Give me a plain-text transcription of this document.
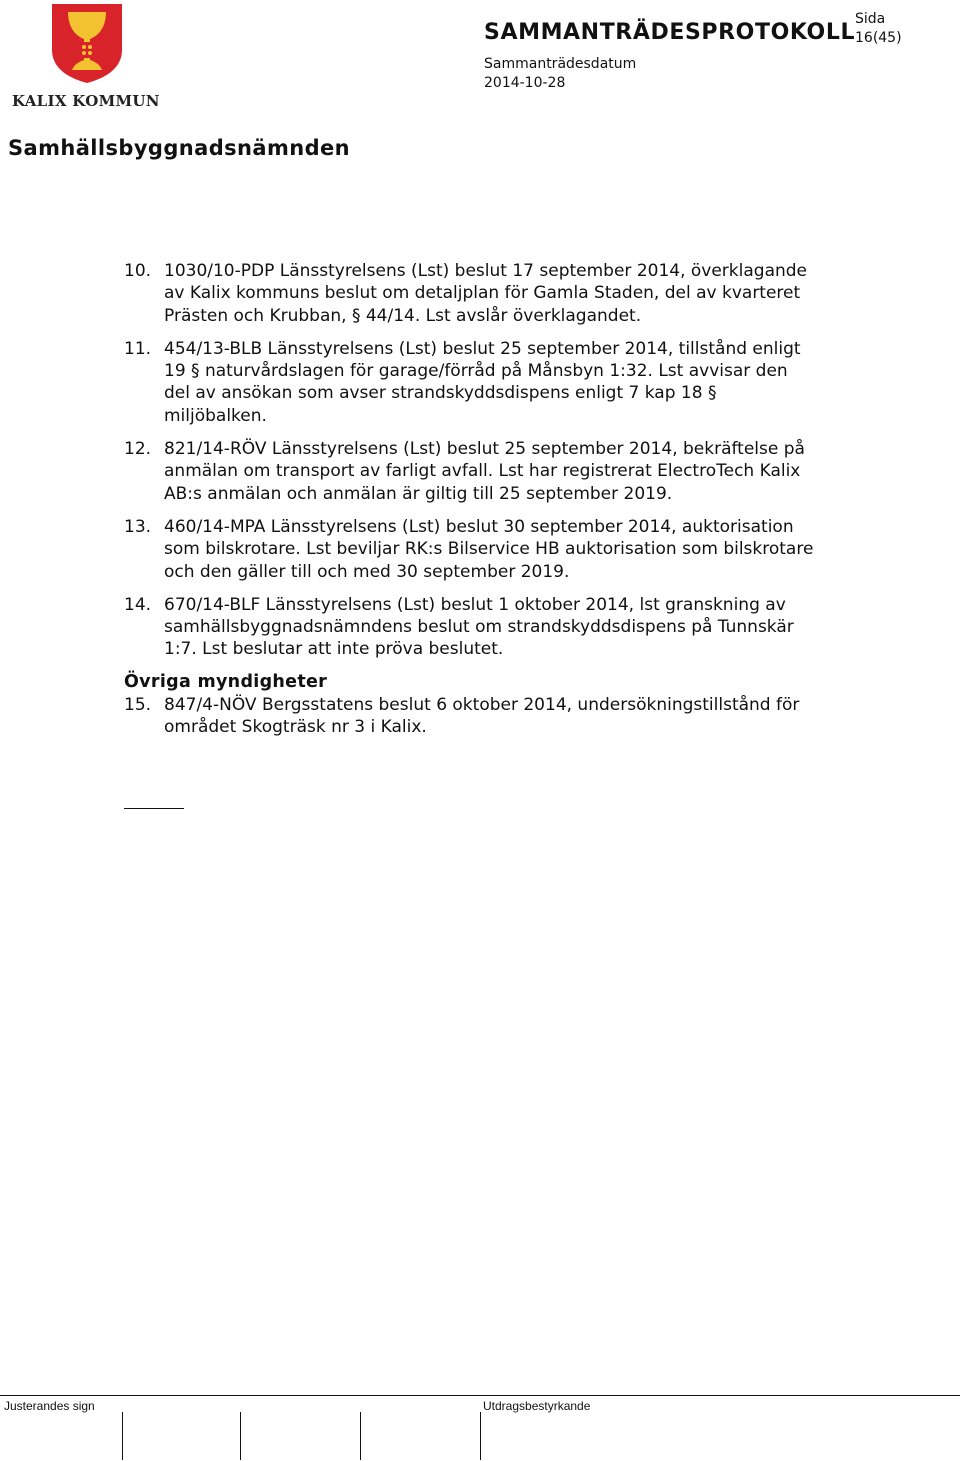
KALIX KOMMUN
SAMMANTRÄDESPROTOKOLL
Sida
16(45)
Sammanträdesdatum
2014-10-28
Samhällsbyggnadsnämnden
10. 1030/10-PDP Länsstyrelsens (Lst) beslut 17 september 2014, överklagande av Kalix kommuns beslut om detaljplan för Gamla Staden, del av kvarteret Prästen och Krubban, § 44/14. Lst avslår överklagandet.
11. 454/13-BLB Länsstyrelsens (Lst) beslut 25 september 2014, tillstånd enligt 19 § naturvårdslagen för garage/förråd på Månsbyn 1:32. Lst avvisar den del av ansökan som avser strandskyddsdispens enligt 7 kap 18 § miljöbalken.
12. 821/14-RÖV Länsstyrelsens (Lst) beslut 25 september 2014, bekräftelse på anmälan om transport av farligt avfall. Lst har registrerat ElectroTech Kalix AB:s anmälan och anmälan är giltig till 25 september 2019.
13. 460/14-MPA Länsstyrelsens (Lst) beslut 30 september 2014, auktorisation som bilskrotare. Lst beviljar RK:s Bilservice HB auktorisation som bilskrotare och den gäller till och med 30 september 2019.
14. 670/14-BLF Länsstyrelsens (Lst) beslut 1 oktober 2014, lst granskning av samhällsbyggnadsnämndens beslut om strandskyddsdispens på Tunnskär 1:7. Lst beslutar att inte pröva beslutet.
Övriga myndigheter
15. 847/4-NÖV Bergsstatens beslut 6 oktober 2014, undersökningstillstånd för området Skogträsk nr 3 i Kalix.
Justerandes sign	Utdragsbestyrkande
